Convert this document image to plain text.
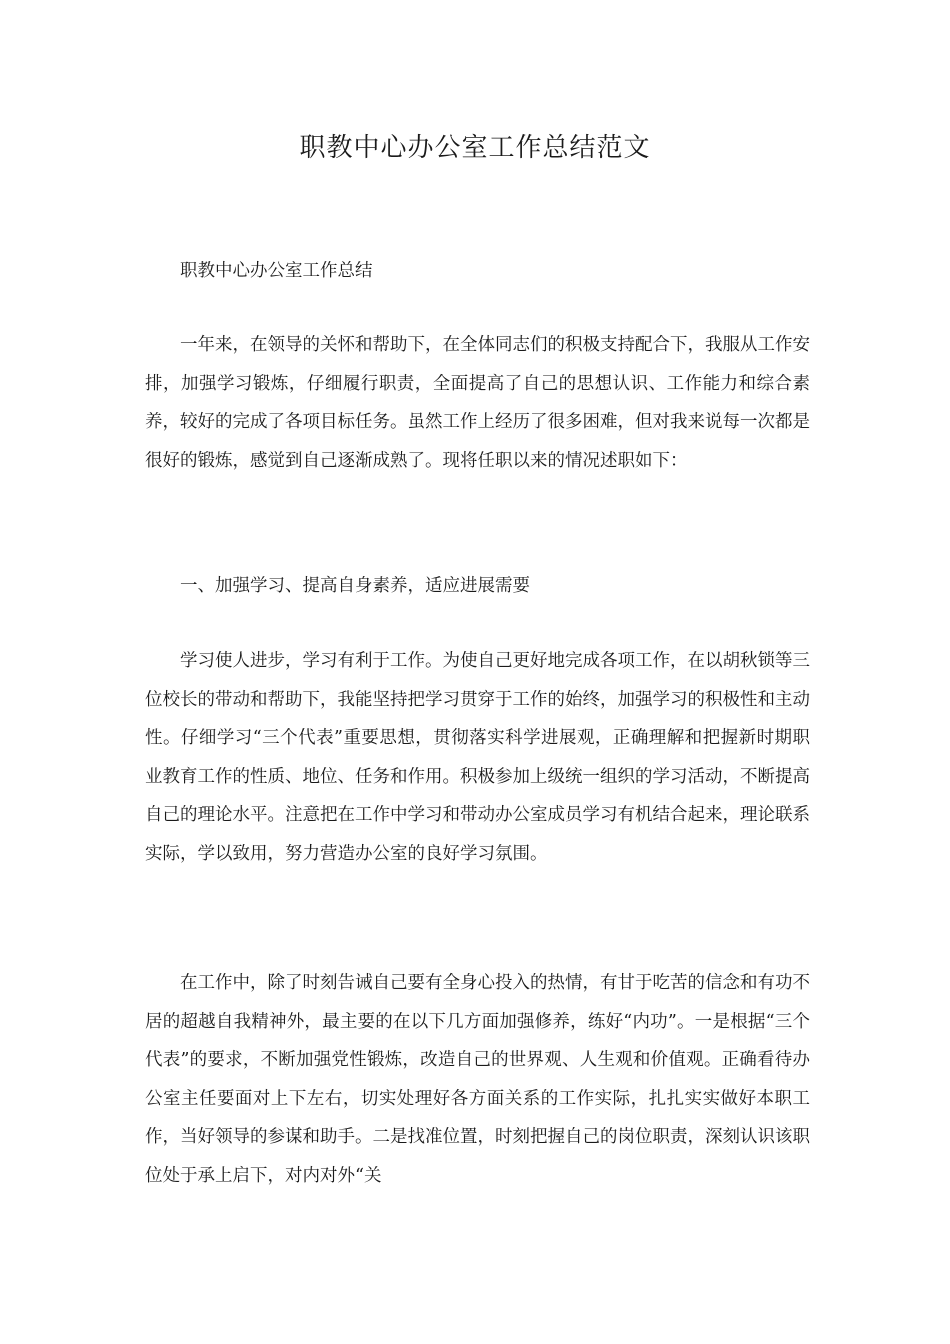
职教中心办公室工作总结范文

职教中心办公室工作总结

一年来，在领导的关怀和帮助下，在全体同志们的积极支持配合下，我服从工作安排，加强学习锻炼，仔细履行职责，全面提高了自己的思想认识、工作能力和综合素养，较好的完成了各项目标任务。虽然工作上经历了很多困难，但对我来说每一次都是很好的锻炼，感觉到自己逐渐成熟了。现将任职以来的情况述职如下：

一、加强学习、提高自身素养，适应进展需要

学习使人进步，学习有利于工作。为使自己更好地完成各项工作，在以胡秋锁等三位校长的带动和帮助下，我能坚持把学习贯穿于工作的始终，加强学习的积极性和主动性。仔细学习“三个代表”重要思想，贯彻落实科学进展观，正确理解和把握新时期职业教育工作的性质、地位、任务和作用。积极参加上级统一组织的学习活动，不断提高自己的理论水平。注意把在工作中学习和带动办公室成员学习有机结合起来，理论联系实际，学以致用，努力营造办公室的良好学习氛围。

在工作中，除了时刻告诫自己要有全身心投入的热情，有甘于吃苦的信念和有功不居的超越自我精神外，最主要的在以下几方面加强修养，练好“内功”。一是根据“三个代表”的要求，不断加强党性锻炼，改造自己的世界观、人生观和价值观。正确看待办公室主任要面对上下左右，切实处理好各方面关系的工作实际，扎扎实实做好本职工作，当好领导的参谋和助手。二是找准位置，时刻把握自己的岗位职责，深刻认识该职位处于承上启下，对内对外“关
